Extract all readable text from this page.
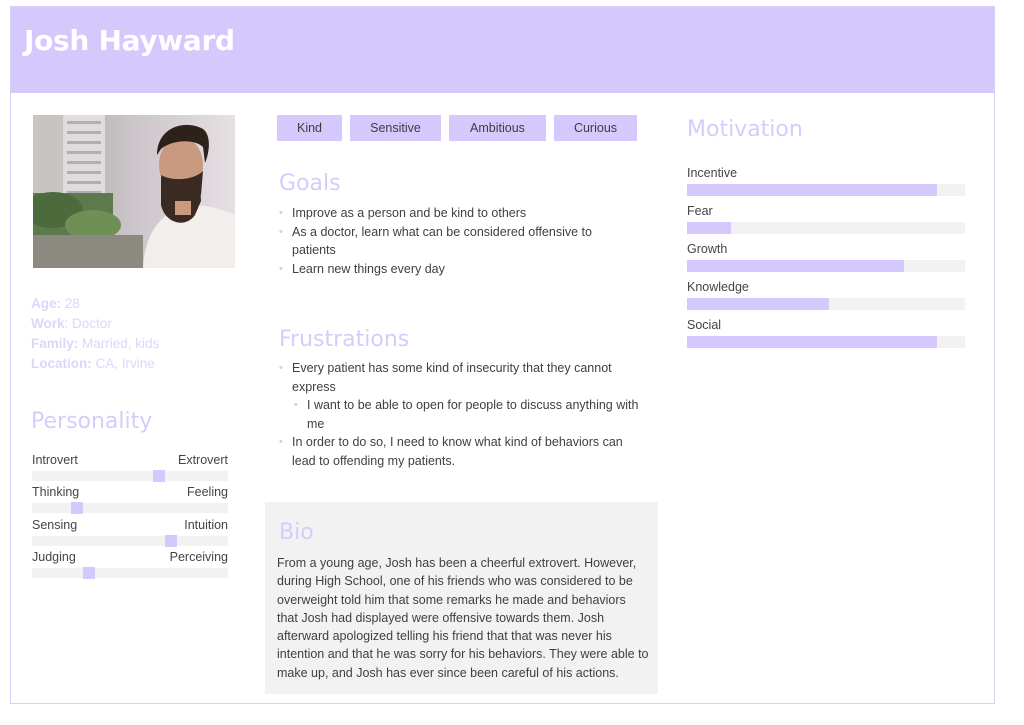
Josh Hayward
Age: 28
Work: Doctor
Family: Married, kids
Location: CA, Irvine
Personality
Introvert	Extrovert
Thinking	Feeling
Sensing	Intuition
Judging	Perceiving
Kind	Sensitive	Ambitious	Curious
Goals
• Improve as a person and be kind to others
• As a doctor, learn what can be considered offensive to patients
• Learn new things every day
Frustrations
• Every patient has some kind of insecurity that they cannot express
• I want to be able to open for people to discuss anything with me
• In order to do so, I need to know what kind of behaviors can lead to offending my patients.
Bio
From a young age, Josh has been a cheerful extrovert. However, during High School, one of his friends who was considered to be overweight told him that some remarks he made and behaviors that Josh had displayed were offensive towards them. Josh afterward apologized telling his friend that that was never his intention and that he was sorry for his behaviors. They were able to make up, and Josh has ever since been careful of his actions.
Motivation
Incentive
Fear
Growth
Knowledge
Social
